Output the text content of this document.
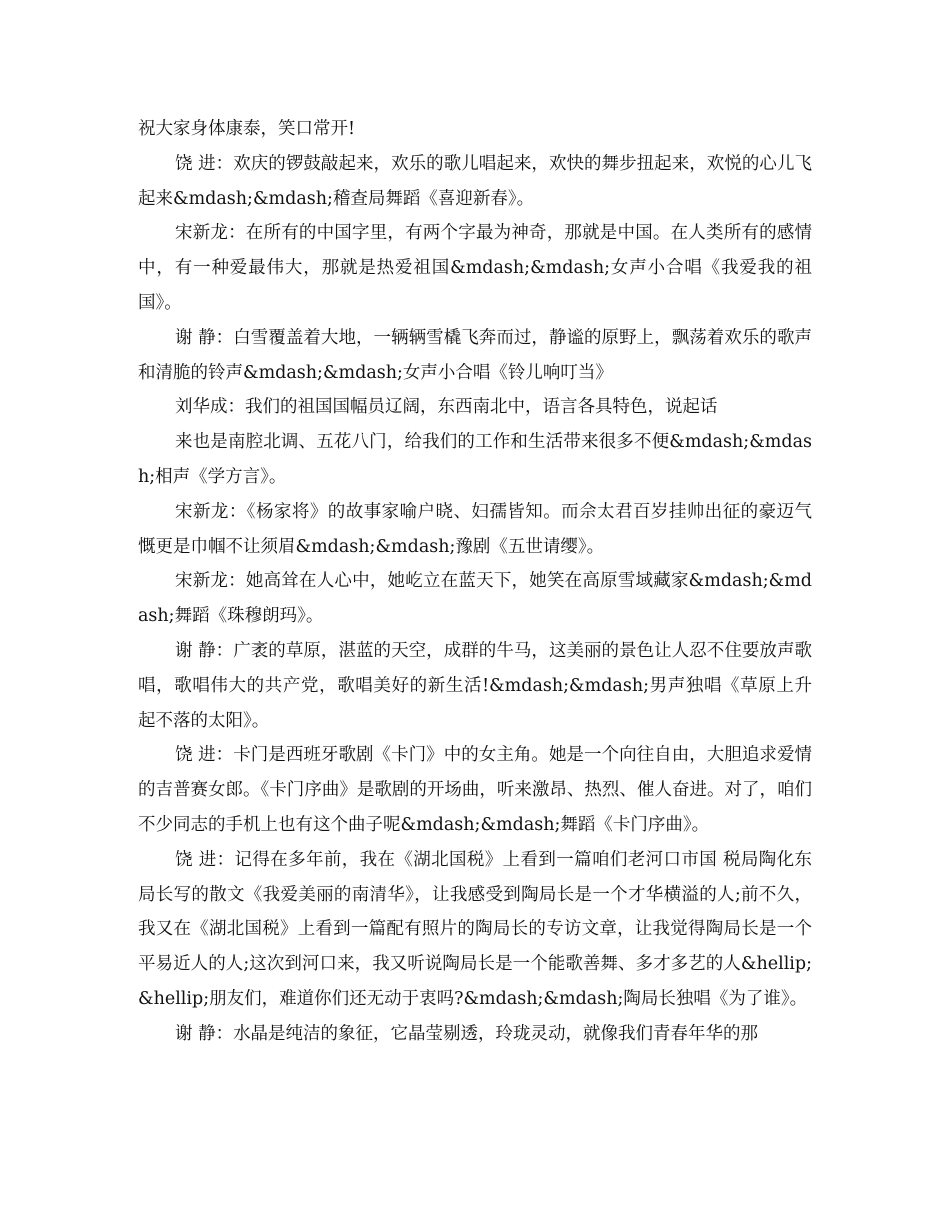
祝大家身体康泰，笑口常开!

饶 进：欢庆的锣鼓敲起来，欢乐的歌儿唱起来，欢快的舞步扭起来，欢悦的心儿飞起来&mdash;&mdash;稽查局舞蹈《喜迎新春》。

宋新龙：在所有的中国字里，有两个字最为神奇，那就是中国。在人类所有的感情中，有一种爱最伟大，那就是热爱祖国&mdash;&mdash;女声小合唱《我爱我的祖国》。

谢 静：白雪覆盖着大地，一辆辆雪橇飞奔而过，静谧的原野上，飘荡着欢乐的歌声和清脆的铃声&mdash;&mdash;女声小合唱《铃儿响叮当》

刘华成：我们的祖国国幅员辽阔，东西南北中，语言各具特色，说起话

来也是南腔北调、五花八门，给我们的工作和生活带来很多不便&mdash;&mdash;相声《学方言》。

宋新龙：《杨家将》的故事家喻户晓、妇孺皆知。而佘太君百岁挂帅出征的豪迈气慨更是巾帼不让须眉&mdash;&mdash;豫剧《五世请缨》。

宋新龙：她高耸在人心中，她屹立在蓝天下，她笑在高原雪域藏家&mdash;&mdash;舞蹈《珠穆朗玛》。

谢 静：广袤的草原，湛蓝的天空，成群的牛马，这美丽的景色让人忍不住要放声歌唱，歌唱伟大的共产党，歌唱美好的新生活!&mdash;&mdash;男声独唱《草原上升起不落的太阳》。

饶 进：卡门是西班牙歌剧《卡门》中的女主角。她是一个向往自由，大胆追求爱情的吉普赛女郎。《卡门序曲》是歌剧的开场曲，听来激昂、热烈、催人奋进。对了，咱们不少同志的手机上也有这个曲子呢&mdash;&mdash;舞蹈《卡门序曲》。

饶 进：记得在多年前，我在《湖北国税》上看到一篇咱们老河口市国 税局陶化东局长写的散文《我爱美丽的南清华》，让我感受到陶局长是一个才华横溢的人;前不久，我又在《湖北国税》上看到一篇配有照片的陶局长的专访文章，让我觉得陶局长是一个平易近人的人;这次到河口来，我又听说陶局长是一个能歌善舞、多才多艺的人&hellip;&hellip;朋友们，难道你们还无动于衷吗?&mdash;&mdash;陶局长独唱《为了谁》。

谢 静：水晶是纯洁的象征，它晶莹剔透，玲珑灵动，就像我们青春年华的那
